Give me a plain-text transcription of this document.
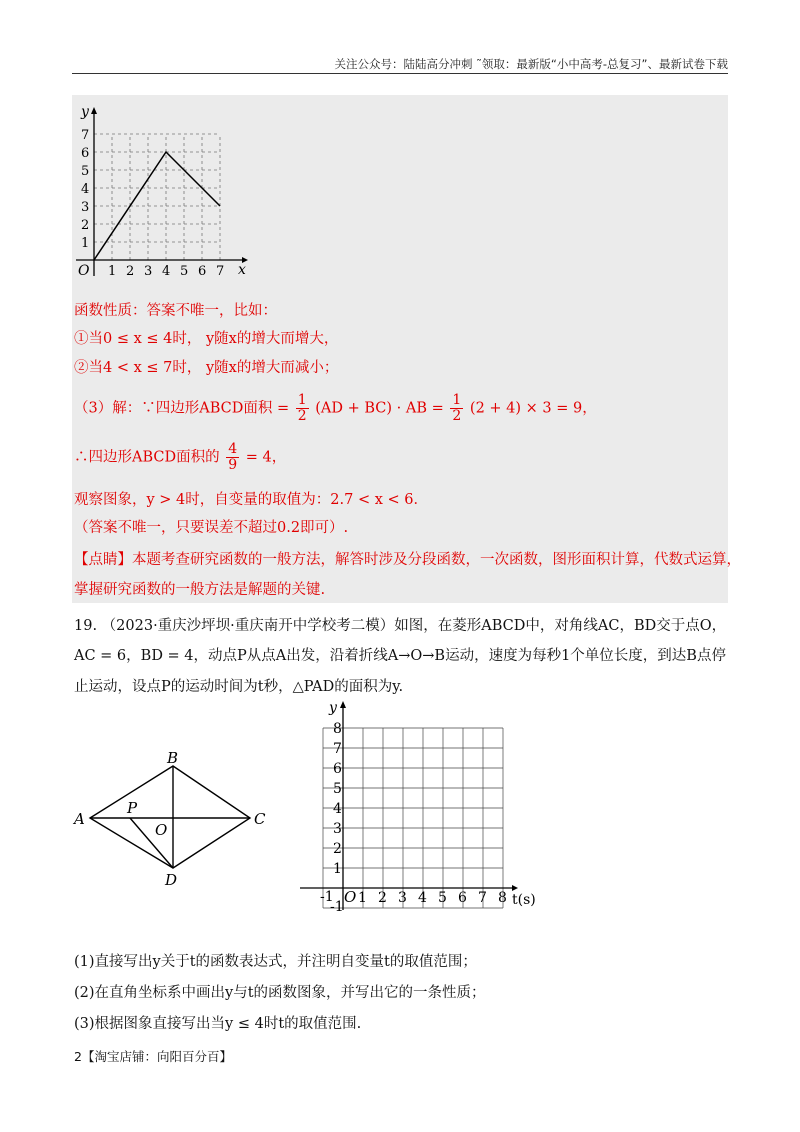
关注公众号：陆陆高分冲刺 ˜领取：最新版“小中高考-总复习”、最新试卷下载
y
x
O 1 2 3 4 5 6 7
1
2
3
4
5
6
7
函数性质：答案不唯一，比如：
①当0 ≤ x ≤ 4时， y随x的增大而增大，
②当4 < x ≤ 7时， y随x的增大而减小；
（3）解：∵四边形ABCD面积 = $\frac{1}{2} (AD + BC)$ · AB = $\frac{1}{2} (2 + 4) \times 3 = 9$，
∴四边形ABCD面积的 $\frac{4}{9} = 4$，
观察图象，y > 4时，自变量的取值为：2.7 < x < 6．
（答案不唯一，只要误差不超过0.2即可）.
【点睛】本题考查研究函数的一般方法，解答时涉及分段函数，一次函数，图形面积计算，代数式运算，
掌握研究函数的一般方法是解题的关键.
19. （2023·重庆沙坪坝·重庆南开中学校考二模）如图，在菱形ABCD中，对角线AC，BD交于点O，
AC = 6，BD = 4，动点P从点A出发，沿着折线A→O→B运动，速度为每秒1个单位长度，到达B点停
止运动，设点P的运动时间为t秒，△PAD的面积为y.
A
B
C
D
O
P
y
t(s)
O
-1
-1
1 2 3 4 5 6 7 8
1
2
3
4
5
6
7
8
(1)直接写出y关于t的函数表达式，并注明自变量t的取值范围；
(2)在直角坐标系中画出y与t的函数图象，并写出它的一条性质；
(3)根据图象直接写出当y ≤ 4时t的取值范围.
2【淘宝店铺：向阳百分百】
